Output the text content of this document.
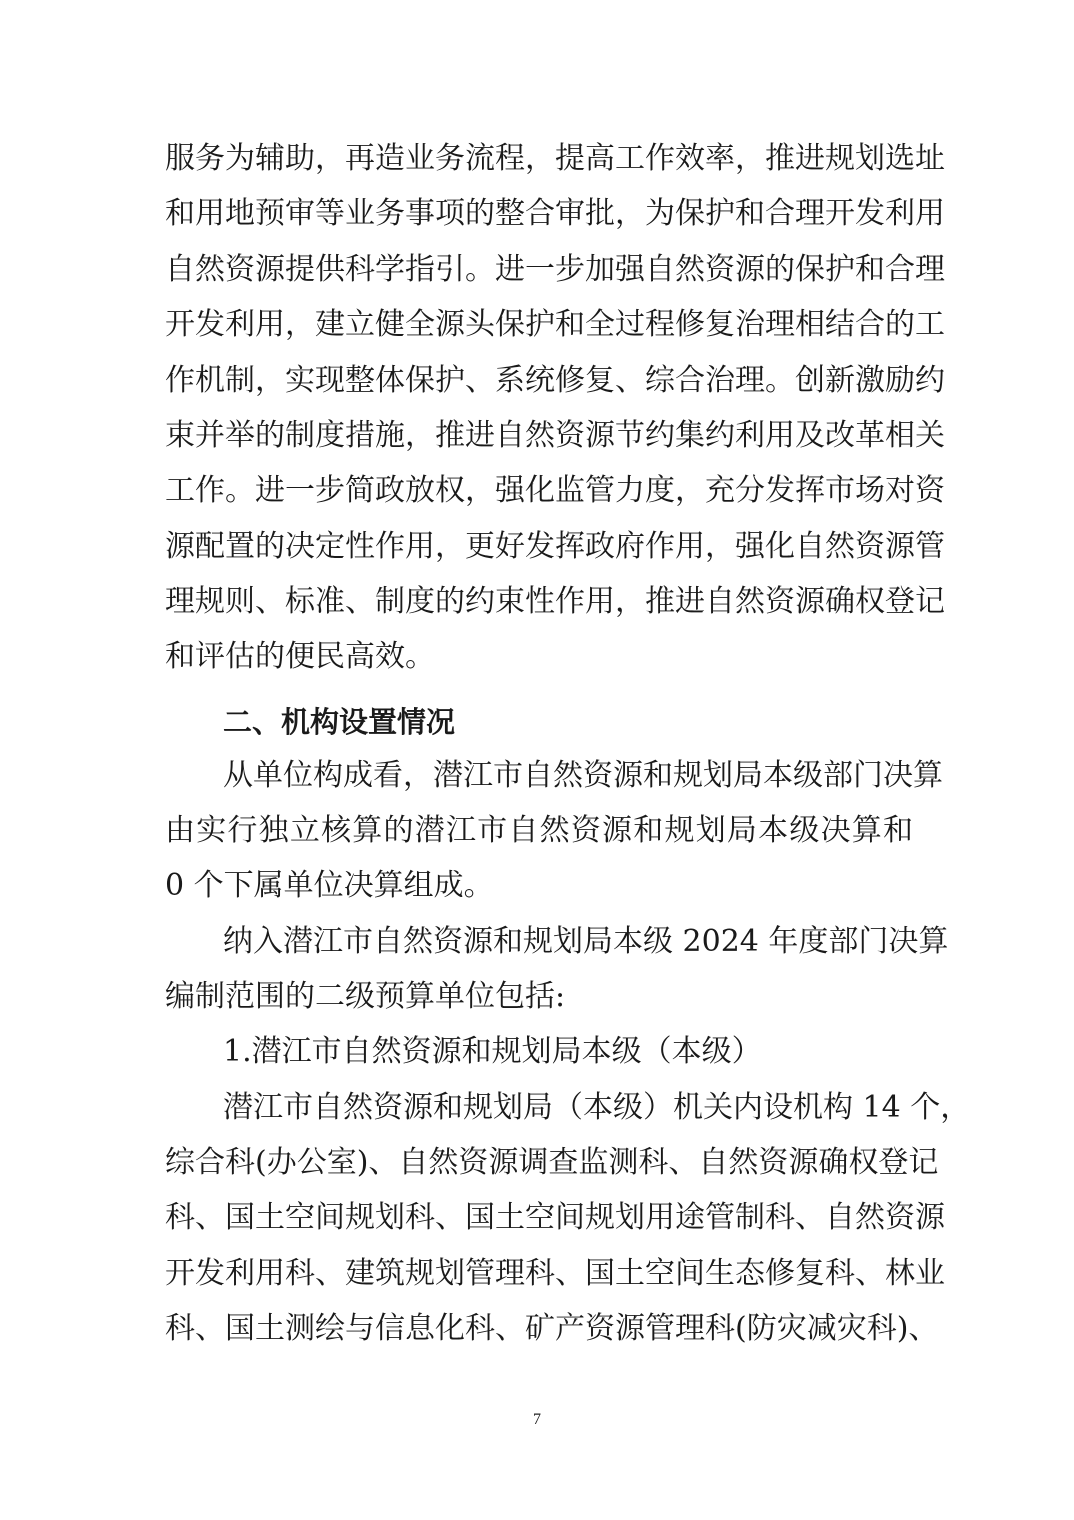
服务为辅助，再造业务流程，提高工作效率，推进规划选址
和用地预审等业务事项的整合审批，为保护和合理开发利用
自然资源提供科学指引。进一步加强自然资源的保护和合理
开发利用，建立健全源头保护和全过程修复治理相结合的工
作机制，实现整体保护、系统修复、综合治理。创新激励约
束并举的制度措施，推进自然资源节约集约利用及改革相关
工作。进一步简政放权，强化监管力度，充分发挥市场对资
源配置的决定性作用，更好发挥政府作用，强化自然资源管
理规则、标准、制度的约束性作用，推进自然资源确权登记
和评估的便民高效。
二、机构设置情况
从单位构成看，潜江市自然资源和规划局本级部门决算
由实行独立核算的潜江市自然资源和规划局本级决算和
0 个下属单位决算组成。
纳入潜江市自然资源和规划局本级 2024 年度部门决算
编制范围的二级预算单位包括:
1.潜江市自然资源和规划局本级（本级）
潜江市自然资源和规划局（本级）机关内设机构 14 个，
综合科(办公室)、自然资源调查监测科、自然资源确权登记
科、国土空间规划科、国土空间规划用途管制科、自然资源
开发利用科、建筑规划管理科、国土空间生态修复科、林业
科、国土测绘与信息化科、矿产资源管理科(防灾减灾科)、
7
